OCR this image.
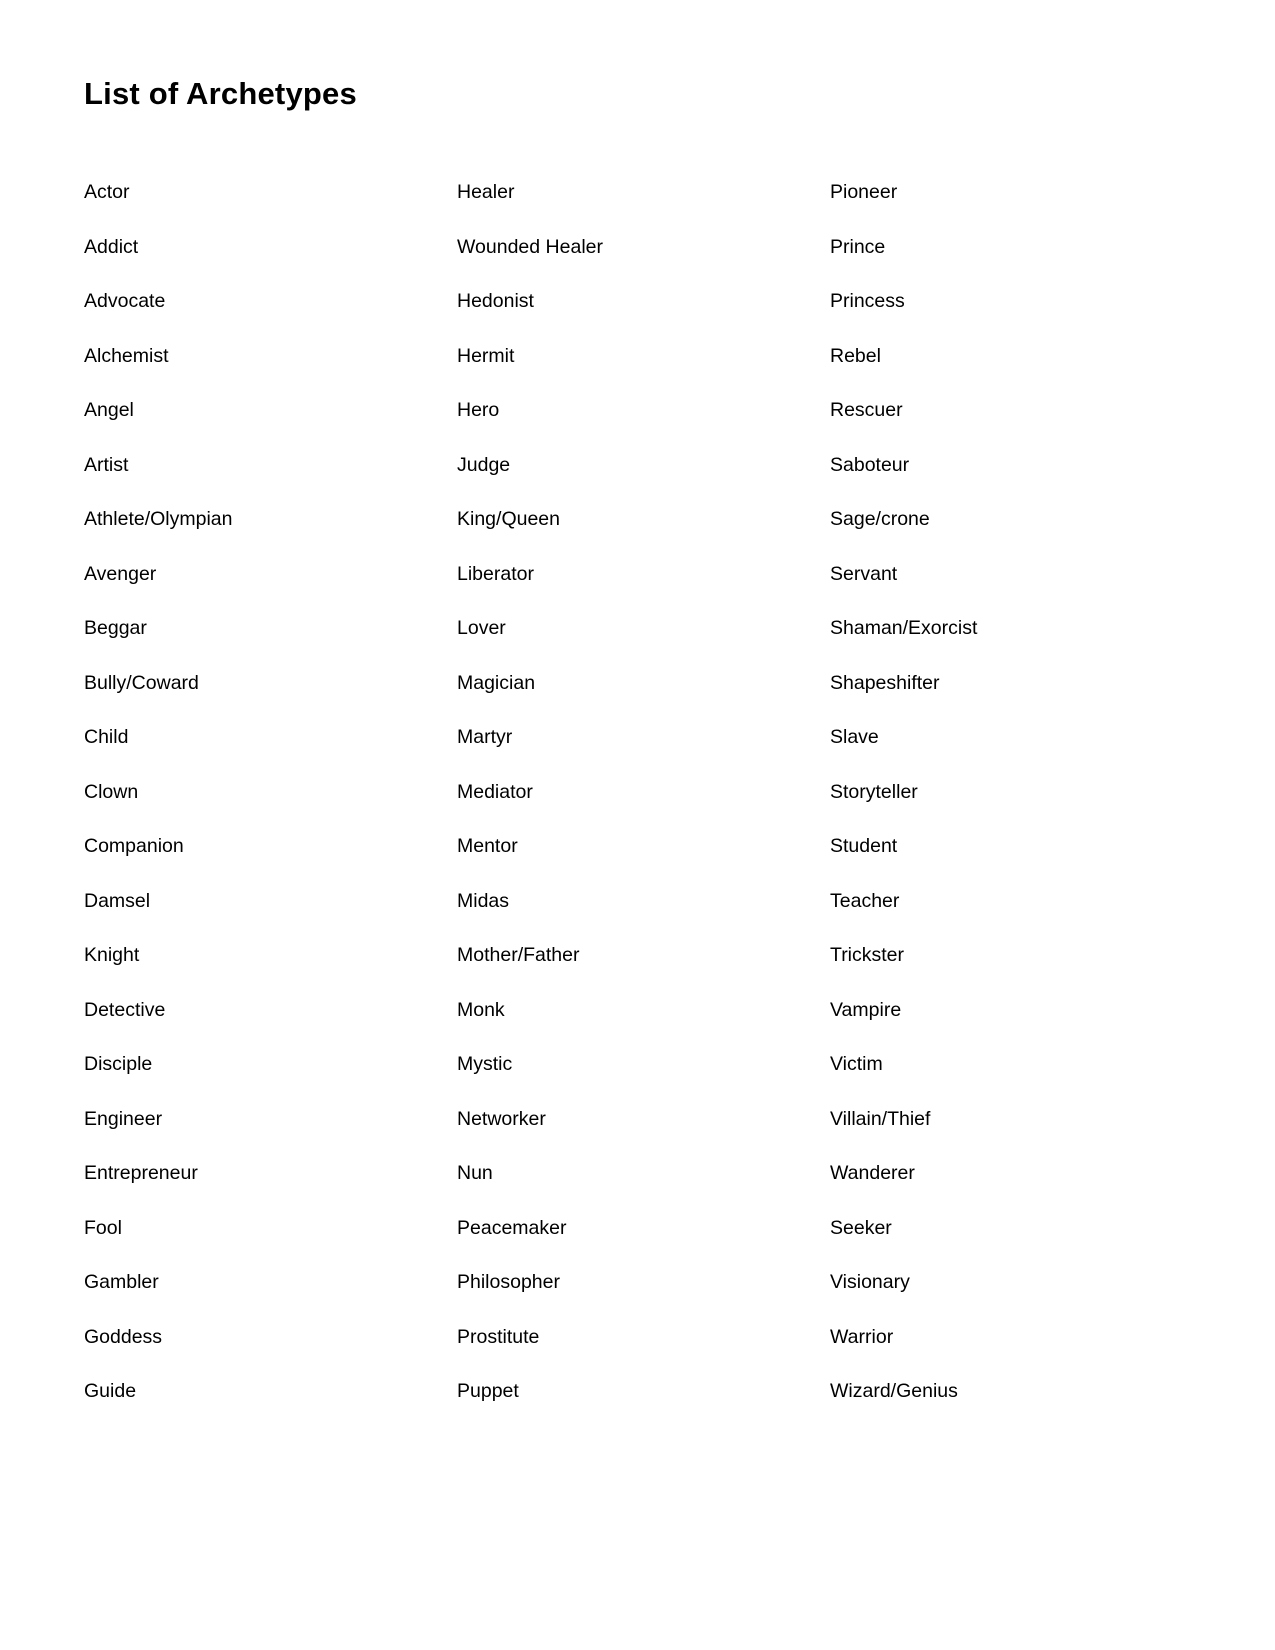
List of Archetypes
Actor
Addict
Advocate
Alchemist
Angel
Artist
Athlete/Olympian
Avenger
Beggar
Bully/Coward
Child
Clown
Companion
Damsel
Knight
Detective
Disciple
Engineer
Entrepreneur
Fool
Gambler
Goddess
Guide
Healer
Wounded Healer
Hedonist
Hermit
Hero
Judge
King/Queen
Liberator
Lover
Magician
Martyr
Mediator
Mentor
Midas
Mother/Father
Monk
Mystic
Networker
Nun
Peacemaker
Philosopher
Prostitute
Puppet
Pioneer
Prince
Princess
Rebel
Rescuer
Saboteur
Sage/crone
Servant
Shaman/Exorcist
Shapeshifter
Slave
Storyteller
Student
Teacher
Trickster
Vampire
Victim
Villain/Thief
Wanderer
Seeker
Visionary
Warrior
Wizard/Genius
